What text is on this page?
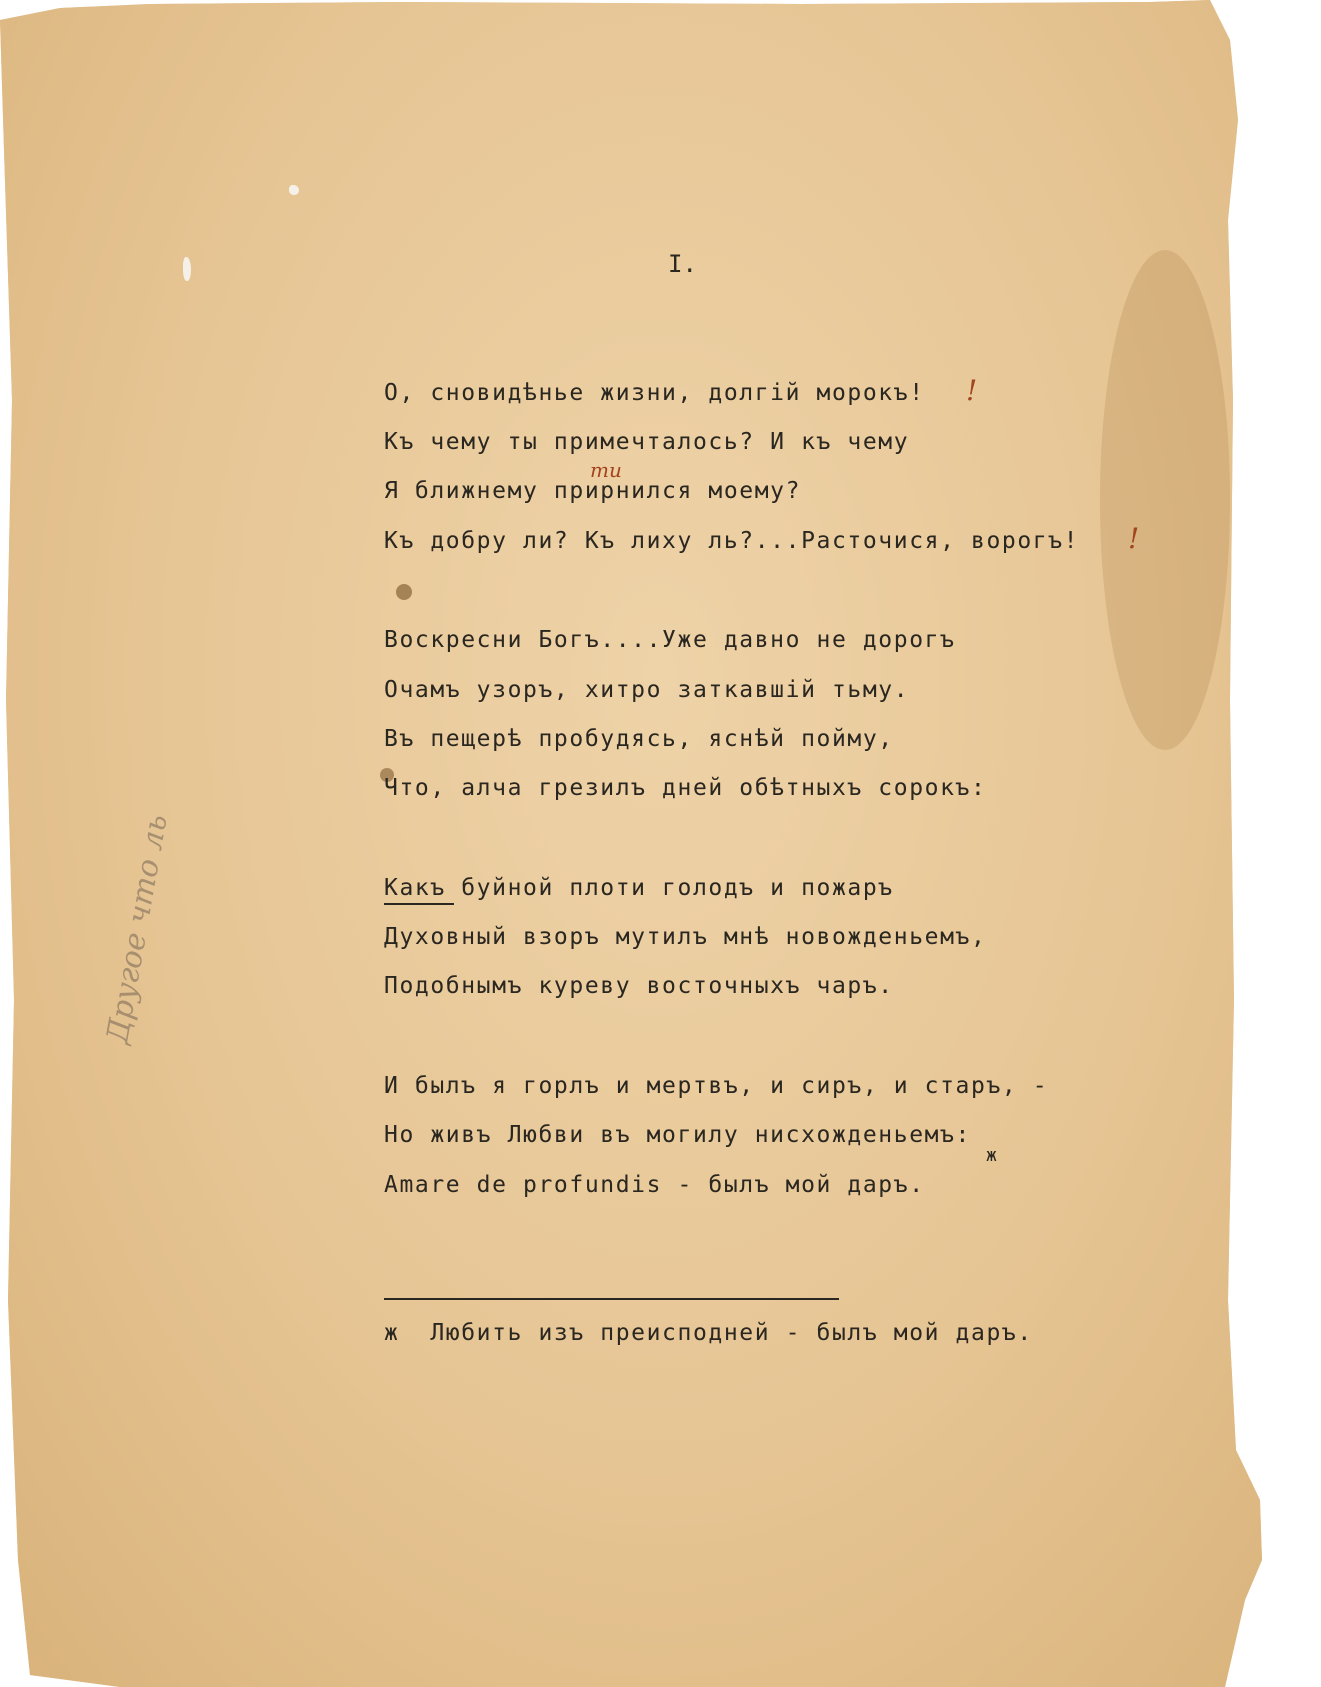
I.
О, сновидѣнье жизни, долгій морокъ!
Къ чему ты примечталось? И къ чему
Я ближнему прирнился моему?
Къ добру ли? Къ лиху ль?...Расточися, ворогъ!
Воскресни Богъ....Уже давно не дорогъ
Очамъ узоръ, хитро заткавшій тьму.
Въ пещерѣ пробудясь, яснѣй пойму,
Что, алча грезилъ дней обѣтныхъ сорокъ:
Какъ буйной плоти голодъ и пожаръ
Духовный взоръ мутилъ мнѣ новожденьемъ,
Подобнымъ куреву восточныхъ чаръ.
И былъ я горлъ и мертвъ, и сиръ, и старъ, -
Но живъ Любви въ могилу нисхожденьемъ:
Amare de profundis - былъ мой даръ.
ти
!
!
ж
ж  Любить изъ преисподней - былъ мой даръ.
Другое что ль
